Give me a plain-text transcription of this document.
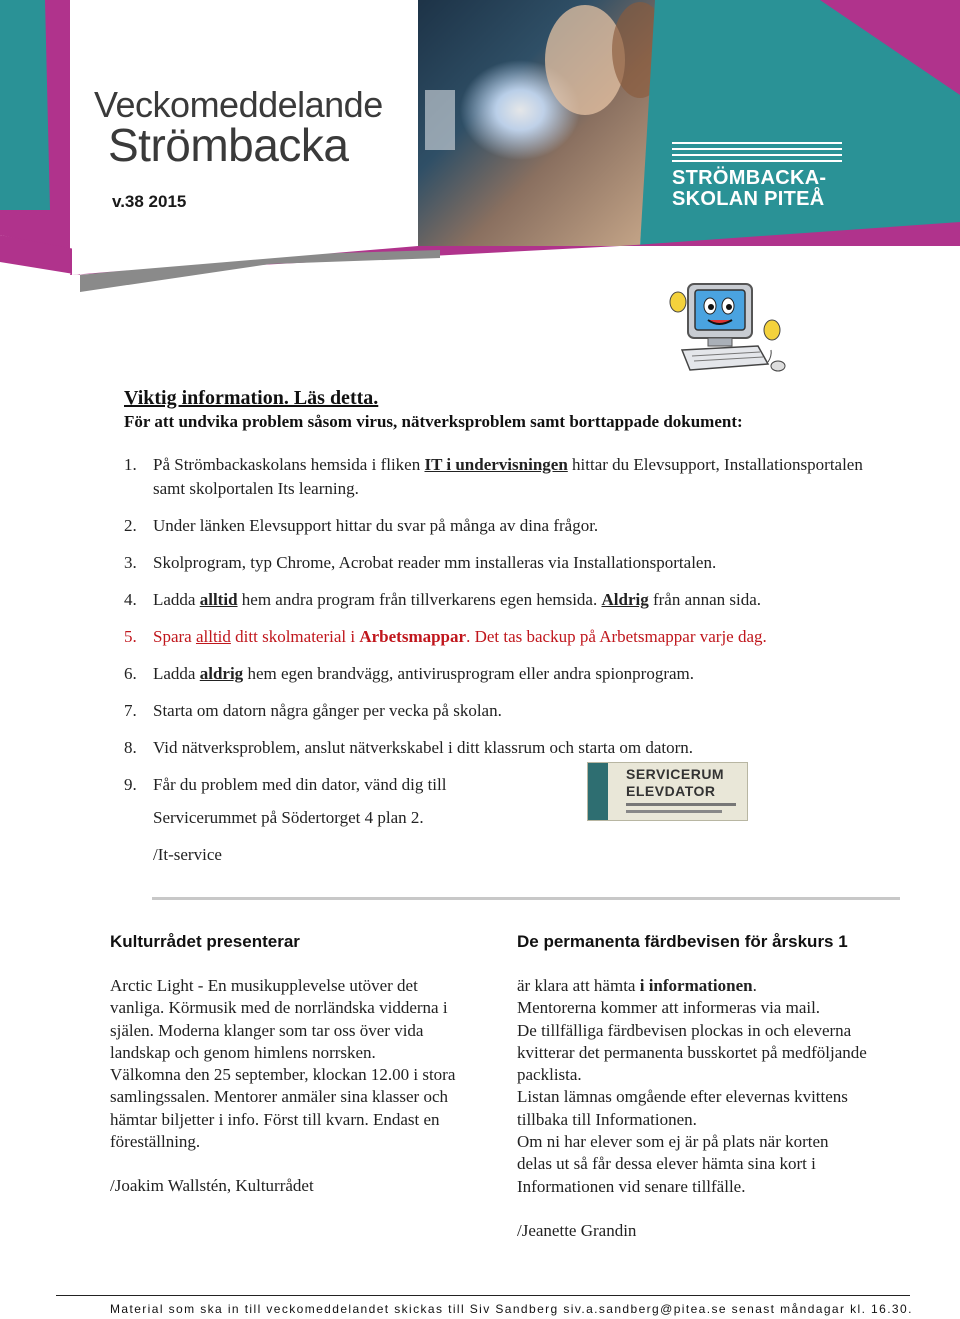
Veckomeddelande
Strömbacka
v.38 2015
STRÖMBACKA-
SKOLAN PITEÅ
Viktig information. Läs detta.
För att undvika problem såsom virus, nätverksproblem samt borttappade dokument:
1. På Strömbackaskolans hemsida i fliken IT i undervisningen hittar du Elevsupport, Installationsportalen samt skolportalen Its learning.
2. Under länken Elevsupport hittar du svar på många av dina frågor.
3. Skolprogram, typ Chrome, Acrobat reader mm installeras via Installationsportalen.
4. Ladda alltid hem andra program från tillverkarens egen hemsida. Aldrig från annan sida.
5. Spara alltid ditt skolmaterial i Arbetsmappar. Det tas backup på Arbetsmappar varje dag.
6. Ladda aldrig hem egen brandvägg, antivirusprogram eller andra spionprogram.
7. Starta om datorn några gånger per vecka på skolan.
8. Vid nätverksproblem, anslut nätverkskabel i ditt klassrum och starta om datorn.
9. Får du problem med din dator, vänd dig till
Servicerummet på Södertorget 4 plan 2.
/It-service
SERVICERUM
ELEVDATOR
Kulturrådet presenterar

Arctic Light - En musikupplevelse utöver det vanliga. Körmusik med de norrländska vidderna i själen. Moderna klanger som tar oss över vida landskap och genom himlens norrsken.

Välkomna den 25 september, klockan 12.00 i stora samlingssalen. Mentorer anmäler sina klasser och hämtar biljetter i info. Först till kvarn. Endast en föreställning.

/Joakim Wallstén, Kulturrådet

De permanenta färdbevisen för årskurs 1

är klara att hämta i informationen.

Mentorerna kommer att informeras via mail.

De tillfälliga färdbevisen plockas in och eleverna kvitterar det permanenta busskortet på medföljande packlista.

Listan lämnas omgående efter elevernas kvittens tillbaka till Informationen.

Om ni har elever som ej är på plats när korten delas ut så får dessa elever hämta sina kort i Informationen vid senare tillfälle.

/Jeanette Grandin

Material som ska in till veckomeddelandet skickas till Siv Sandberg siv.a.sandberg@pitea.se senast måndagar kl. 16.30.
